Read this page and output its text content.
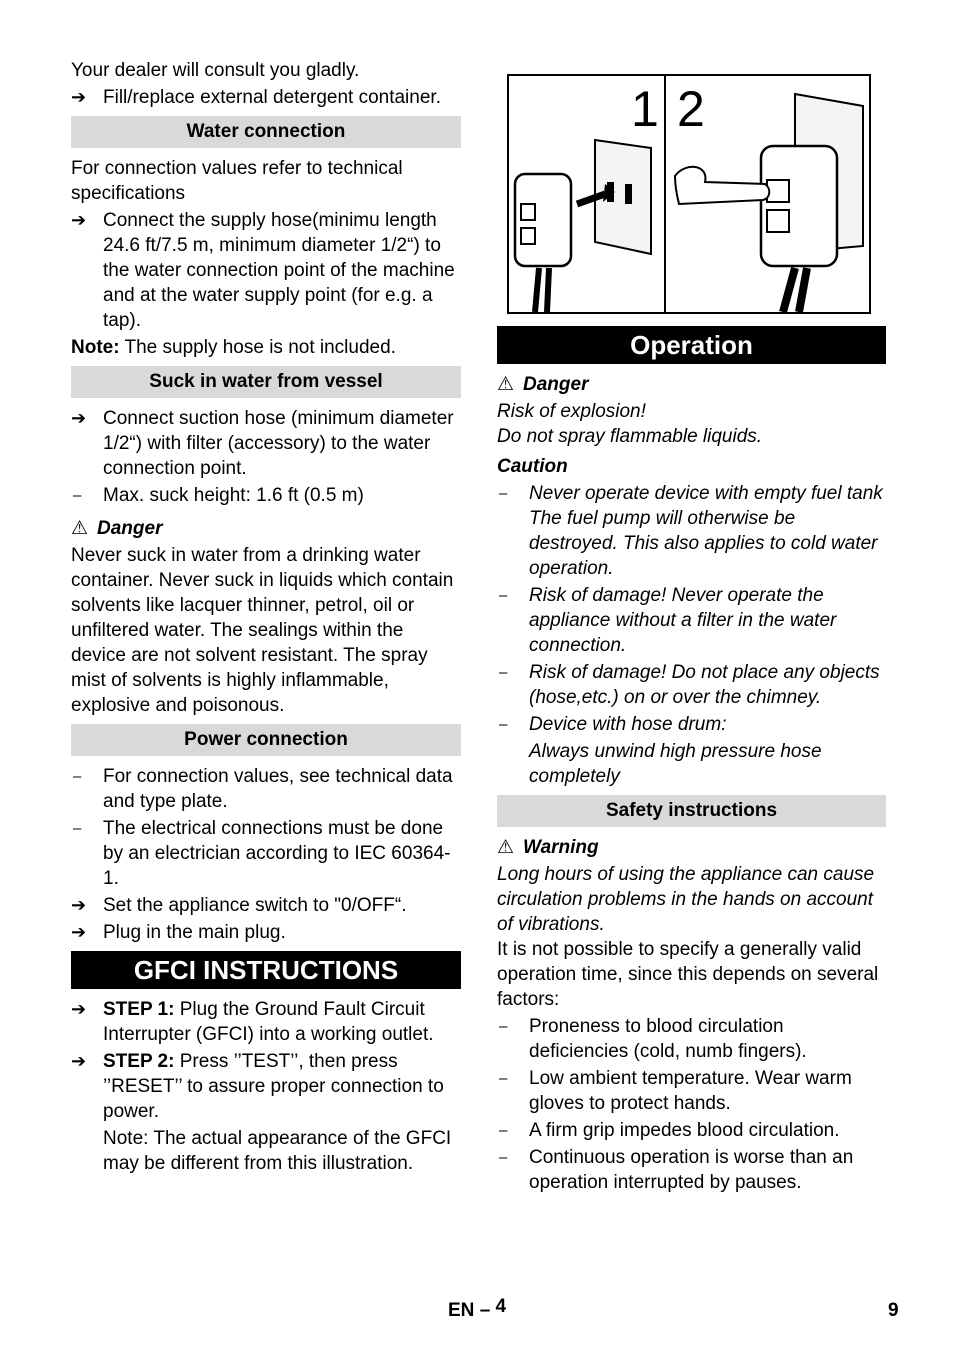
Your dealer will consult you gladly.

➔ Fill/replace external detergent container.
Water connection

For connection values refer to technical specifications

➔ Connect the supply hose(minimu length 24.6 ft/7.5 m, minimum diameter 1/2“) to the water connection point of the machine and at the water supply point (for e.g. a tap).

Note: The supply hose is not included.

Suck in water from vessel
➔ Connect suction hose (minimum diameter 1/2“) with filter (accessory) to the water connection point.
–	Max. suck height: 1.6 ft (0.5 m)

⚠ Danger

Never suck in water from a drinking water container. Never suck in liquids which contain solvents like lacquer thinner, petrol, oil or unfiltered water. The sealings within the device are not solvent resistant. The spray mist of solvents is highly inflammable, explosive and poisonous.

Power connection
–	For connection values, see technical data and type plate.
–	The electrical connections must be done by an electrician according to IEC 60364-1.
➔ Set the appliance switch to "0/OFF“.
➔ Plug in the main plug.
GFCI INSTRUCTIONS
➔ STEP 1: Plug the Ground Fault Circuit Interrupter (GFCI) into a working outlet.
➔ STEP 2: Press ’’TEST’’, then press ’’RESET’’ to assure proper connection to power.

Note: The actual appearance of the GFCI may be different from this illustration.

1 2
Operation

⚠ Danger

Risk of explosion!

Do not spray flammable liquids.

Caution

–	Never operate device with empty fuel tank The fuel pump will otherwise be destroyed. This also applies to cold water operation.
–	Risk of damage! Never operate the appliance without a filter in the water connection.
–	Risk of damage! Do not place any objects (hose,etc.) on or over the chimney.
–	Device with hose drum:

Always unwind high pressure hose completely

Safety instructions

⚠ Warning

Long hours of using the appliance can cause circulation problems in the hands on account of vibrations.

It is not possible to specify a generally valid operation time, since this depends on several factors:

–	Proneness to blood circulation deficiencies (cold, numb fingers).
–	Low ambient temperature. Wear warm gloves to protect hands.
–	A firm grip impedes blood circulation.
–	Continuous operation is worse than an operation interrupted by pauses.
EN – 4	9
